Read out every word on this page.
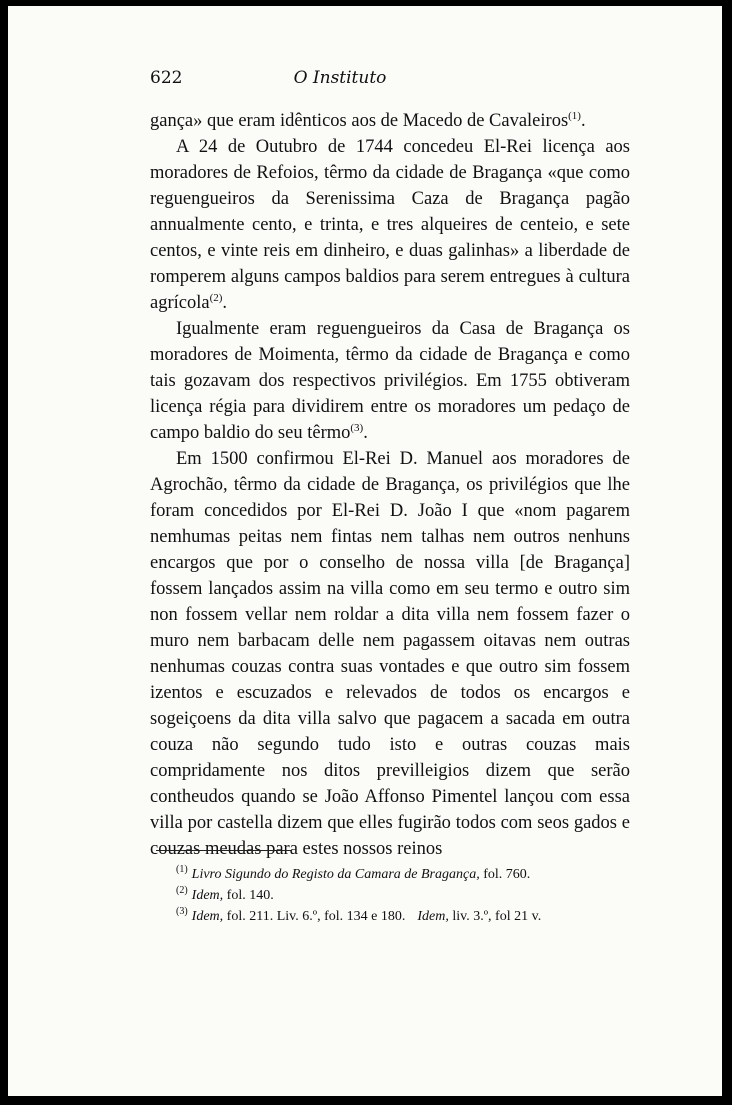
622	O Instituto

gança» que eram idênticos aos de Macedo de Cavaleiros$^{(1)}$.

A 24 de Outubro de 1744 concedeu El-Rei licença aos moradores de Refoios, têrmo da cidade de Bragança «que como reguengueiros da Serenissima Caza de Bragança pagão annualmente cento, e trinta, e tres alqueires de centeio, e sete centos, e vinte reis em dinheiro, e duas galinhas» a liberdade de romperem alguns campos baldios para serem entregues à cultura agrícola$^{(2)}$.

Igualmente eram reguengueiros da Casa de Bragança os moradores de Moimenta, têrmo da cidade de Bragança e como tais gozavam dos respectivos privilégios. Em 1755 obtiveram licença régia para dividirem entre os moradores um pedaço de campo baldio do seu têrmo$^{(3)}$.

Em 1500 confirmou El-Rei D. Manuel aos moradores de Agrochão, têrmo da cidade de Bragança, os privilégios que lhe foram concedidos por El-Rei D. João I que «nom pagarem nemhumas peitas nem fintas nem talhas nem outros nenhuns encargos que por o conselho de nossa villa [de Bragança] fossem lançados assim na villa como em seu termo e outro sim non fossem vellar nem roldar a dita villa nem fossem fazer o muro nem barbacam delle nem pagassem oitavas nem outras nenhumas couzas contra suas vontades e que outro sim fossem izentos e escuzados e relevados de todos os encargos e sogeiçoens da dita villa salvo que pagacem a sacada em outra couza não segundo tudo isto e outras couzas mais compridamente nos ditos previlleigios dizem que serão contheudos quando se João Affonso Pimentel lançou com essa villa por castella dizem que elles fugirão todos com seos gados e couzas meudas para estes nossos reinos

$^{(1)}$ Livro Sigundo do Registo da Camara de Bragança, fol. 760.
$^{(2)}$ Idem, fol. 140.
$^{(3)}$ Idem, fol. 211. Liv. 6.º, fol. 134 e 180. Idem, liv. 3.º, fol 21 v.
